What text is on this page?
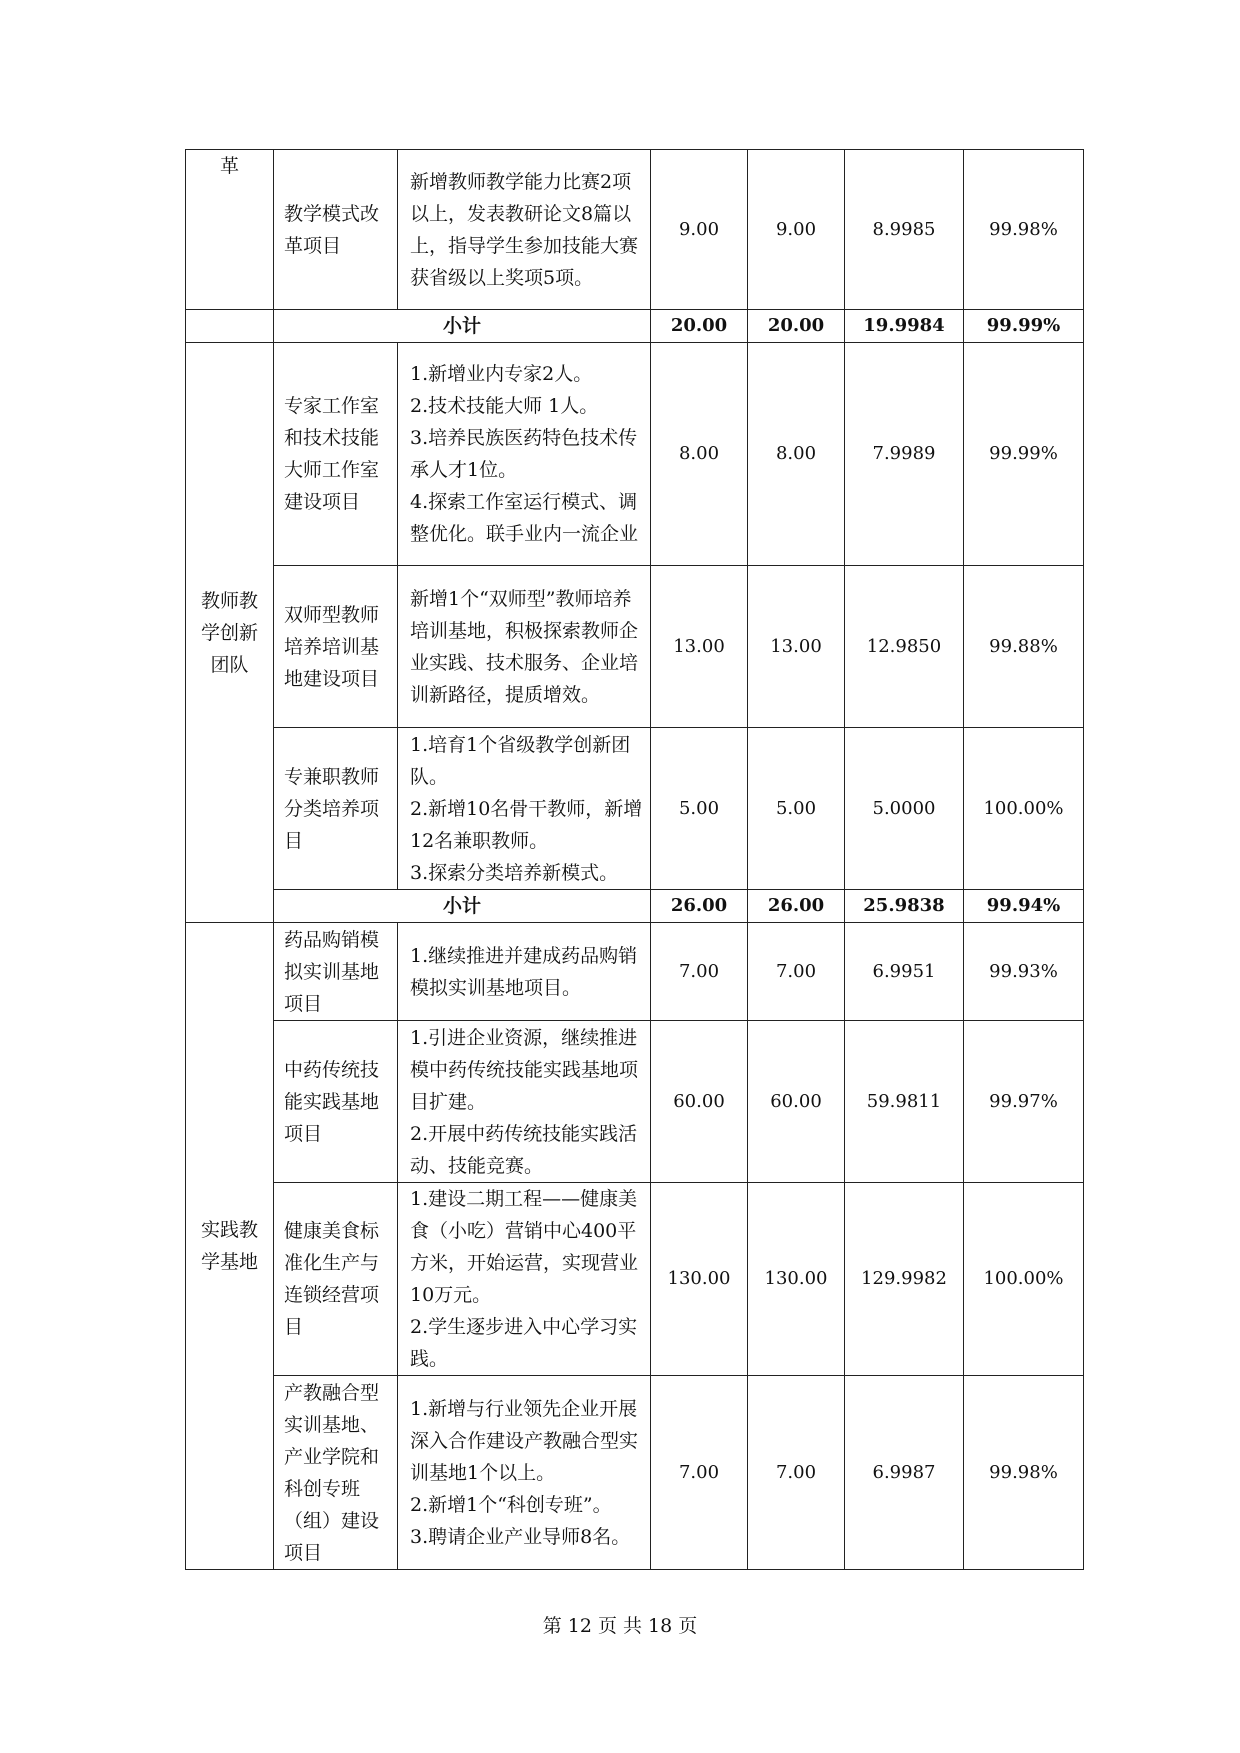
革	教学模式改革项目	新增教师教学能力比赛2项以上，发表教研论文8篇以上，指导学生参加技能大赛获省级以上奖项5项。	9.00	9.00	8.9985	99.98%
	小计		20.00	20.00	19.9984	99.99%
教师教学创新团队	专家工作室和技术技能大师工作室建设项目	1.新增业内专家2人。
2.技术技能大师 1人。
3.培养民族医药特色技术传承人才1位。
4.探索工作室运行模式、调整优化。联手业内一流企业	8.00	8.00	7.9989	99.99%
	双师型教师培养培训基地建设项目	新增1个“双师型”教师培养培训基地，积极探索教师企业实践、技术服务、企业培训新路径，提质增效。	13.00	13.00	12.9850	99.88%
	专兼职教师分类培养项目	1.培育1个省级教学创新团队。
2.新增10名骨干教师，新增12名兼职教师。
3.探索分类培养新模式。	5.00	5.00	5.0000	100.00%
	小计		26.00	26.00	25.9838	99.94%
实践教学基地	药品购销模拟实训基地项目	1.继续推进并建成药品购销模拟实训基地项目。	7.00	7.00	6.9951	99.93%
	中药传统技能实践基地项目	1.引进企业资源，继续推进模中药传统技能实践基地项目扩建。
2.开展中药传统技能实践活动、技能竞赛。	60.00	60.00	59.9811	99.97%
	健康美食标准化生产与连锁经营项目	1.建设二期工程——健康美食（小吃）营销中心400平方米，开始运营，实现营业10万元。
2.学生逐步进入中心学习实践。	130.00	130.00	129.9982	100.00%
	产教融合型实训基地、产业学院和科创专班（组）建设项目	1.新增与行业领先企业开展深入合作建设产教融合型实训基地1个以上。
2.新增1个“科创专班”。
3.聘请企业产业导师8名。	7.00	7.00	6.9987	99.98%
第 12 页 共 18 页
